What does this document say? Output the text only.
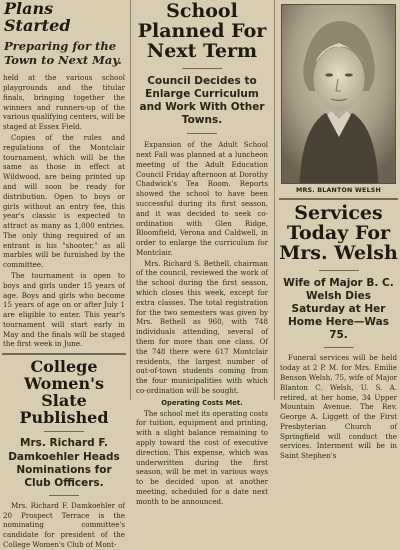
Plans Started
Preparing for the Town to Next May.

held at the various school playgrounds and the titular finals, bringing together the winners and runners-up of the various qualifying centers, will be staged at Essex Field.

Copies of the rules and regulations of the Montclair tournament, which will be the same as those in effect at Wildwood, are being printed up and will soon be ready for distribution. Open to boys or girls without an entry fee, this year's classic is expected to attract as many as 1,000 entries. The only thing required of an entrant is his "shooter," as all marbles will be furnished by the committee.

The tournament is open to boys and girls under 15 years of age. Boys and girls who become 15 years of age on or after July 1 are eligible to enter. This year's tournament will start early in May and the finals will be staged the first week in June.

College Women's Slate Published
Mrs. Richard F. Damkoehler Heads Nominations for Club Officers.

Mrs. Richard F. Damkoehler of 20 Prospect Terrace is the nominating committee's candidate for president of the College Women's Club of Mont-

School Planned For Next Term
Council Decides to Enlarge Curriculum and Work With Other Towns.

Expansion of the Adult School next Fall was planned at a luncheon meeting of the Adult Education Council Friday afternoon at Dorothy Chadwick's Tea Room. Reports showed the school to have been successful during its first season, and it was decided to seek co-ordination with Glen Ridge, Bloomfield, Verona and Caldwell, in order to enlarge the curriculum for Montclair.

Mrs. Richard S. Bethell, chairman of the council, reviewed the work of the school during the first season, which closes this week, except for extra classes. The total registration for the two semesters was given by Mrs. Bethell as 960, with 748 individuals attending, several of them for more than one class. Of the 748 there were 617 Montclair residents, the largest number of out-of-town students coming from the four municipalities with which co-ordination will be sought.

Operating Costs Met.

The school met its operating costs for tuition, equipment and printing, with a slight balance remaining to apply toward the cost of executive direction. This expense, which was underwritten during the first season, will be met in various ways to be decided upon at another meeting, scheduled for a date next month to be announced.

MRS. BLANTON WELSH
Services Today For Mrs. Welsh
Wife of Major B. C. Welsh Dies Saturday at Her Home Here—Was 75.

Funeral services will be held today at 2 P. M. for Mrs. Emilie Benson Welsh, 75, wife of Major Blanton C. Welsh, U. S. A. retired, at her home, 34 Upper Mountain Avenue. The Rev. George A. Liggett of the First Presbyterian Church of Springfield will conduct the services. Interment will be in Saint Stephen's
